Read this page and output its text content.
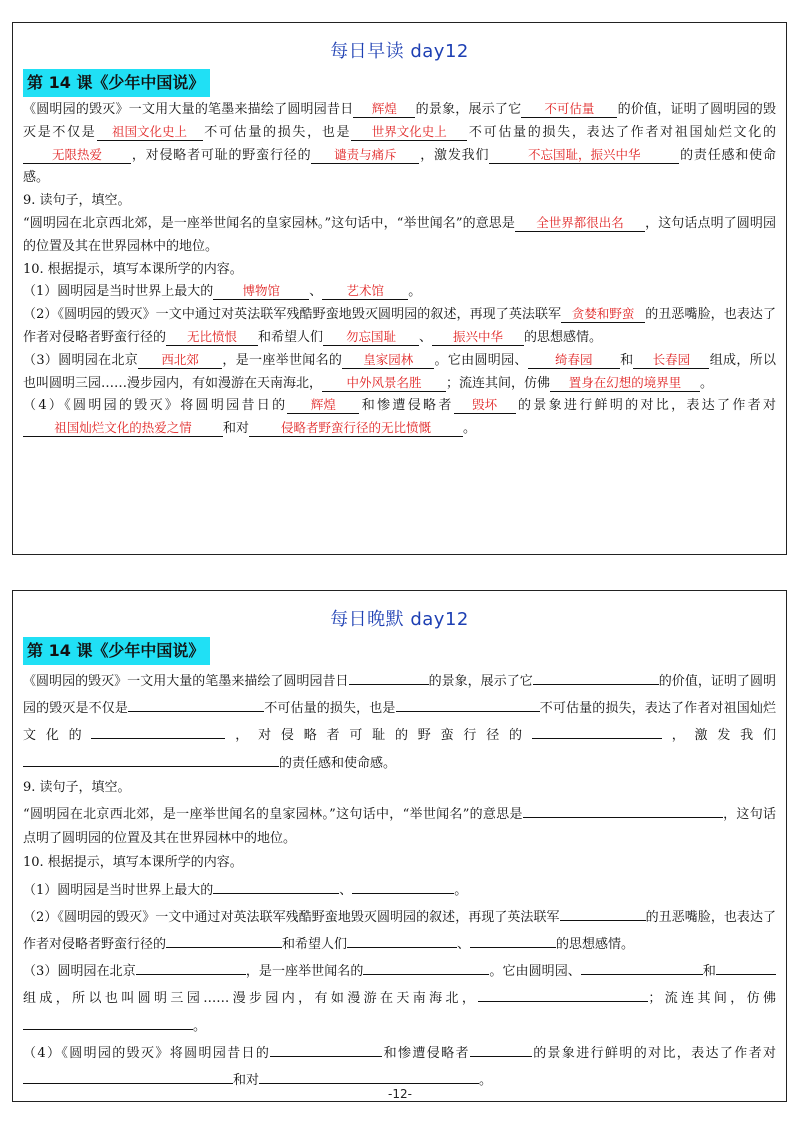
每日早读 day12
第 14 课《少年中国说》

《圆明园的毁灭》一文用大量的笔墨来描绘了圆明园昔日 辉煌 的景象，展示了它 不可估量 的价值，证明了圆明园的毁灭是不仅是 祖国文化史上 不可估量的损失，也是 世界文化史上 不可估量的损失，表达了作者对祖国灿烂文化的无限热爱 ，对侵略者可耻的野蛮行径的 谴责与痛斥 ，激发我们	不忘国耻，振兴中华	的责任感和使命感。

9. 读句子，填空。

“圆明园在北京西北郊，是一座举世闻名的皇家园林。”这句话中，“举世闻名”的意思是 全世界都很出名 ，这句话点明了圆明园的位置及其在世界园林中的地位。

10. 根据提示，填写本课所学的内容。

（1）圆明园是当时世界上最大的 博物馆 、 艺术馆 。

（2）《圆明园的毁灭》一文中通过对英法联军残酷野蛮地毁灭圆明园的叙述，再现了英法联军 贪婪和野蛮 的丑恶嘴脸，也表达了作者对侵略者野蛮行径的 无比愤恨 和希望人们 勿忘国耻 、 振兴中华 的思想感情。

（3）圆明园在北京 西北郊 ，是一座举世闻名的 皇家园林 。它由圆明园、 绮春园 和 长春园 组成，所以也叫圆明三园……漫步园内，有如漫游在天南海北， 中外风景名胜 ；流连其间，仿佛 置身在幻想的境界里 。

（4）《圆明园的毁灭》将圆明园昔日的 辉煌 和惨遭侵略者 毁坏 的景象进行鲜明的对比，表达了作者对祖国灿烂文化的热爱之情 和对	侵略者野蛮行径的无比愤慨 。

每日晚默 day12
第 14 课《少年中国说》

《圆明园的毁灭》一文用大量的笔墨来描绘了圆明园昔日	的景象，展示了它	的价值，证明了圆明园的毁灭是不仅是	不可估量的损失，也是	不可估量的损失，表达了作者对祖国灿烂文化的	，对侵略者可耻的野蛮行径的	，激发我们的责任感和使命感。

9. 读句子，填空。

“圆明园在北京西北郊，是一座举世闻名的皇家园林。”这句话中，“举世闻名”的意思是	，这句话点明了圆明园的位置及其在世界园林中的地位。

10. 根据提示，填写本课所学的内容。

（1）圆明园是当时世界上最大的	、	。

（2）《圆明园的毁灭》一文中通过对英法联军残酷野蛮地毁灭圆明园的叙述，再现了英法联军	的丑恶嘴脸，也表达了作者对侵略者野蛮行径的	和希望人们	、	的思想感情。

（3）圆明园在北京	，是一座举世闻名的	。它由圆明园、	和组成，所以也叫圆明三园……漫步园内，有如漫游在天南海北，	；流连其间，仿佛。

（4）《圆明园的毁灭》将圆明园昔日的	和惨遭侵略者	的景象进行鲜明的对比，表达了作者对和对	。

-12-
